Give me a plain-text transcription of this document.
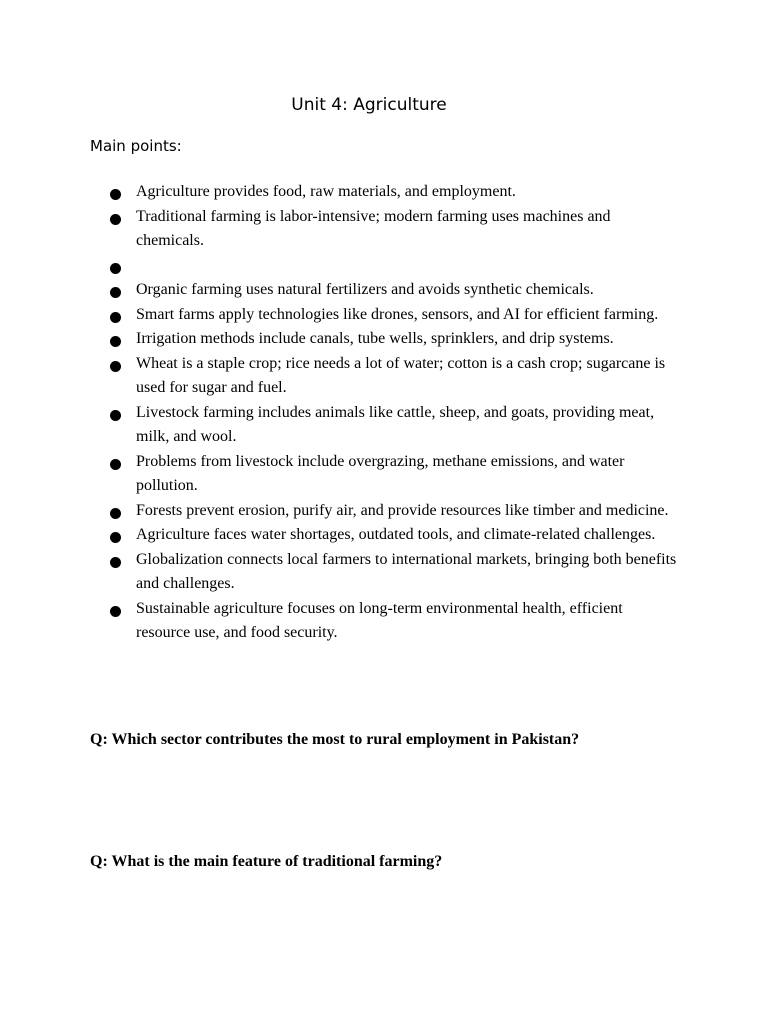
Unit 4: Agriculture
Main points:
Agriculture provides food, raw materials, and employment.
Traditional farming is labor-intensive; modern farming uses machines and chemicals.
Organic farming uses natural fertilizers and avoids synthetic chemicals.
Smart farms apply technologies like drones, sensors, and AI for efficient farming.
Irrigation methods include canals, tube wells, sprinklers, and drip systems.
Wheat is a staple crop; rice needs a lot of water; cotton is a cash crop; sugarcane is used for sugar and fuel.
Livestock farming includes animals like cattle, sheep, and goats, providing meat, milk, and wool.
Problems from livestock include overgrazing, methane emissions, and water pollution.
Forests prevent erosion, purify air, and provide resources like timber and medicine.
Agriculture faces water shortages, outdated tools, and climate-related challenges.
Globalization connects local farmers to international markets, bringing both benefits and challenges.
Sustainable agriculture focuses on long-term environmental health, efficient resource use, and food security.
Q: Which sector contributes the most to rural employment in Pakistan?
Q: What is the main feature of traditional farming?
